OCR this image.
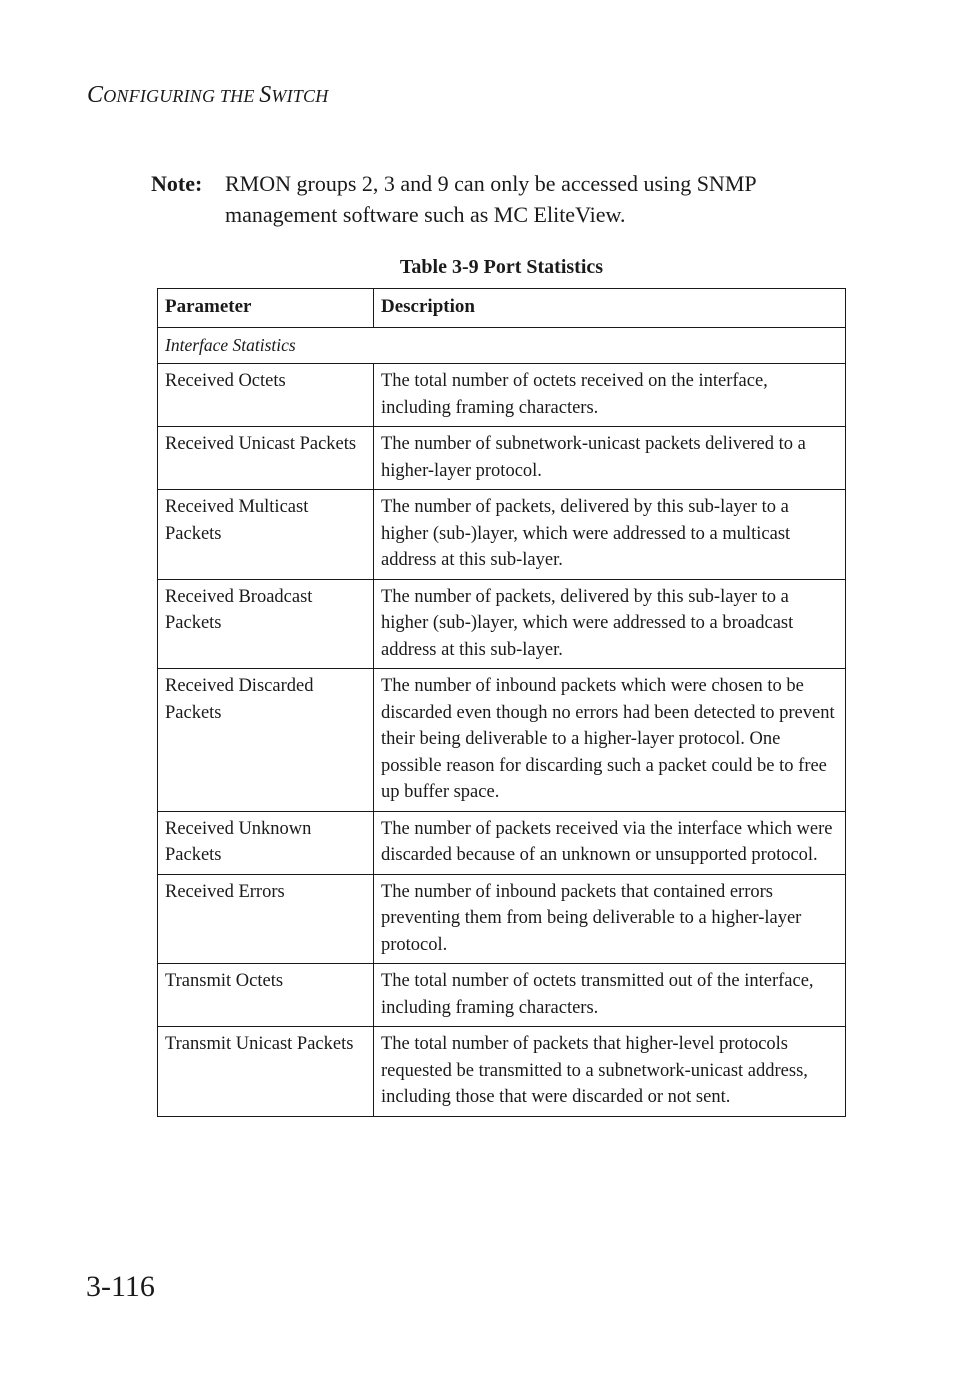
CONFIGURING THE SWITCH
Note:	RMON groups 2, 3 and 9 can only be accessed using SNMP management software such as MC EliteView.
Table 3-9 Port Statistics
Parameter	Description
Interface Statistics	
Received Octets	The total number of octets received on the interface, including framing characters.
Received Unicast Packets	The number of subnetwork-unicast packets delivered to a higher-layer protocol.
Received Multicast Packets	The number of packets, delivered by this sub-layer to a higher (sub-)layer, which were addressed to a multicast address at this sub-layer.
Received Broadcast Packets	The number of packets, delivered by this sub-layer to a higher (sub-)layer, which were addressed to a broadcast address at this sub-layer.
Received Discarded Packets	The number of inbound packets which were chosen to be discarded even though no errors had been detected to prevent their being deliverable to a higher-layer protocol. One possible reason for discarding such a packet could be to free up buffer space.
Received Unknown Packets	The number of packets received via the interface which were discarded because of an unknown or unsupported protocol.
Received Errors	The number of inbound packets that contained errors preventing them from being deliverable to a higher-layer protocol.
Transmit Octets	The total number of octets transmitted out of the interface, including framing characters.
Transmit Unicast Packets	The total number of packets that higher-level protocols requested be transmitted to a subnetwork-unicast address, including those that were discarded or not sent.
3-116
